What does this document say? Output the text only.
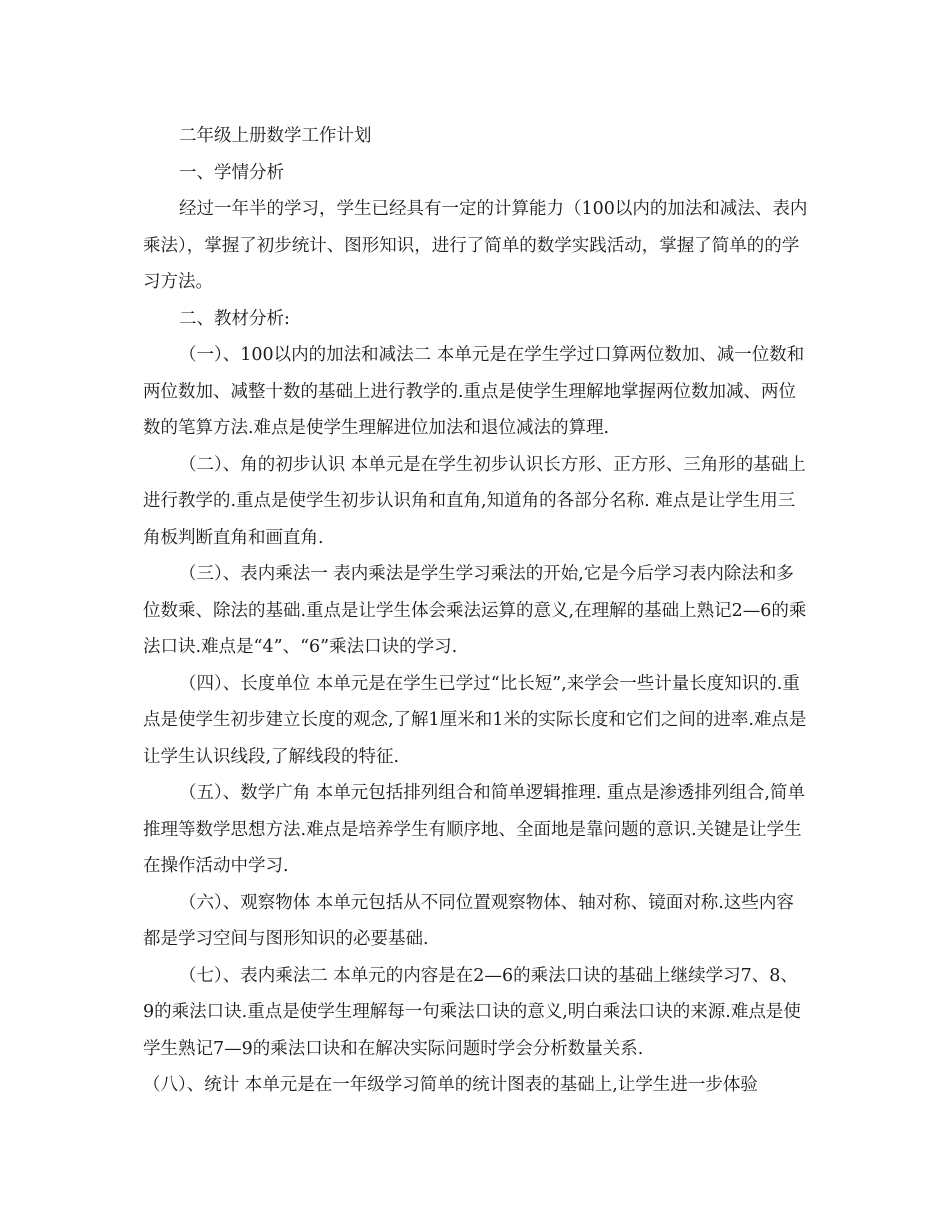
二年级上册数学工作计划

一、学情分析

经过一年半的学习，学生已经具有一定的计算能力（100以内的加法和减法、表内乘法），掌握了初步统计、图形知识，进行了简单的数学实践活动，掌握了简单的的学习方法。

二、教材分析:

（一）、100以内的加法和减法二 本单元是在学生学过口算两位数加、减一位数和两位数加、减整十数的基础上进行教学的.重点是使学生理解地掌握两位数加减、两位数的笔算方法.难点是使学生理解进位加法和退位减法的算理.

（二）、角的初步认识 本单元是在学生初步认识长方形、正方形、三角形的基础上进行教学的.重点是使学生初步认识角和直角,知道角的各部分名称. 难点是让学生用三角板判断直角和画直角.

（三）、表内乘法一 表内乘法是学生学习乘法的开始,它是今后学习表内除法和多位数乘、除法的基础.重点是让学生体会乘法运算的意义,在理解的基础上熟记2—6的乘法口诀.难点是“4”、“6”乘法口诀的学习.

（四）、长度单位 本单元是在学生已学过“比长短”,来学会一些计量长度知识的.重点是使学生初步建立长度的观念,了解1厘米和1米的实际长度和它们之间的进率.难点是让学生认识线段,了解线段的特征.

（五）、数学广角 本单元包括排列组合和简单逻辑推理. 重点是渗透排列组合,简单推理等数学思想方法.难点是培养学生有顺序地、全面地是靠问题的意识.关键是让学生在操作活动中学习.

（六）、观察物体 本单元包括从不同位置观察物体、轴对称、镜面对称.这些内容都是学习空间与图形知识的必要基础.

（七）、表内乘法二 本单元的内容是在2—6的乘法口诀的基础上继续学习7、8、9的乘法口诀.重点是使学生理解每一句乘法口诀的意义,明白乘法口诀的来源.难点是使学生熟记7—9的乘法口诀和在解决实际问题时学会分析数量关系.

（八）、统计 本单元是在一年级学习简单的统计图表的基础上,让学生进一步体验
